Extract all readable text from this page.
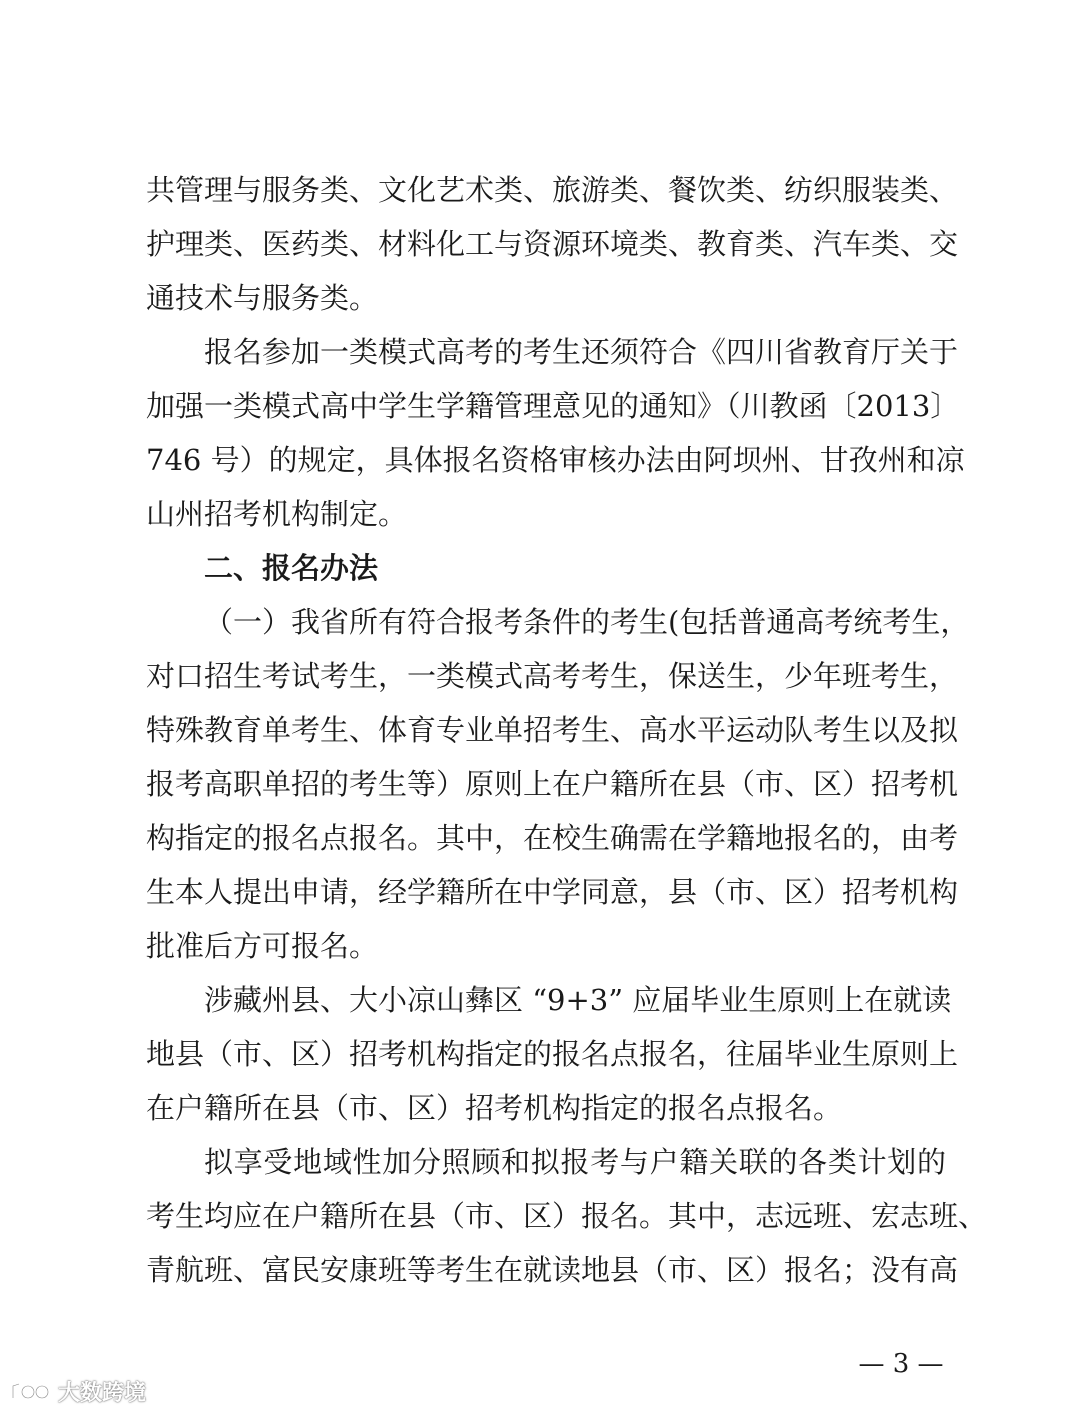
共管理与服务类、文化艺术类、旅游类、餐饮类、纺织服装类、
护理类、医药类、材料化工与资源环境类、教育类、汽车类、交
通技术与服务类。
报名参加一类模式高考的考生还须符合《四川省教育厅关于
加强一类模式高中学生学籍管理意见的通知》（川教函〔2013〕
746 号）的规定，具体报名资格审核办法由阿坝州、甘孜州和凉
山州招考机构制定。
二、报名办法
（一）我省所有符合报考条件的考生(包括普通高考统考生，
对口招生考试考生，一类模式高考考生，保送生，少年班考生，
特殊教育单考生、体育专业单招考生、高水平运动队考生以及拟
报考高职单招的考生等）原则上在户籍所在县（市、区）招考机
构指定的报名点报名。其中，在校生确需在学籍地报名的，由考
生本人提出申请，经学籍所在中学同意，县（市、区）招考机构
批准后方可报名。
涉藏州县、大小凉山彝区 “9+3” 应届毕业生原则上在就读
地县（市、区）招考机构指定的报名点报名，往届毕业生原则上
在户籍所在县（市、区）招考机构指定的报名点报名。
拟享受地域性加分照顾和拟报考与户籍关联的各类计划的
考生均应在户籍所在县（市、区）报名。其中，志远班、宏志班、
青航班、富民安康班等考生在就读地县（市、区）报名；没有高
— 3 —
大数跨境
